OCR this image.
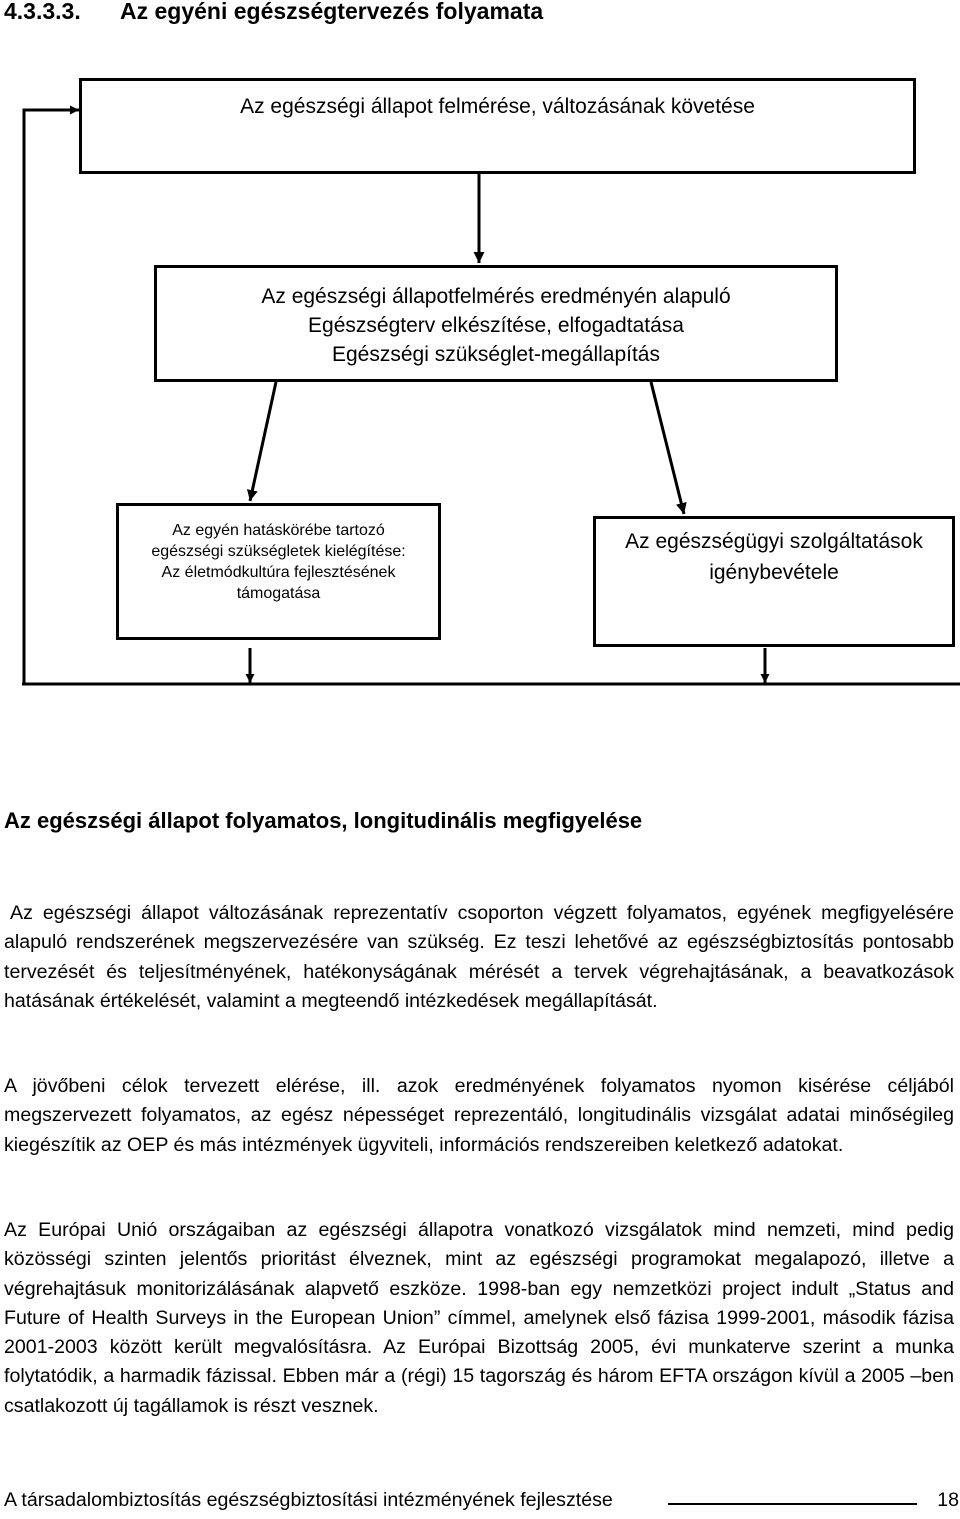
4.3.3.3. Az egyéni egészségtervezés folyamata
Az egészségi állapot felmérése, változásának követése
Az egészségi állapotfelmérés eredményén alapuló
Egészségterv elkészítése, elfogadtatása
Egészségi szükséglet-megállapítás
Az egyén hatáskörébe tartozó
egészségi szükségletek kielégítése:
Az életmódkultúra fejlesztésének
támogatása
Az egészségügyi szolgáltatások
igénybevétele
Az egészségi állapot folyamatos, longitudinális megfigyelése

Az egészségi állapot változásának reprezentatív csoporton végzett folyamatos, egyének megfigyelésére alapuló rendszerének megszervezésére van szükség. Ez teszi lehetővé az egészségbiztosítás pontosabb tervezését és teljesítményének, hatékonyságának mérését a tervek végrehajtásának, a beavatkozások hatásának értékelését, valamint a megteendő intézkedések megállapítását.

A jövőbeni célok tervezett elérése, ill. azok eredményének folyamatos nyomon kisérése céljából megszervezett folyamatos, az egész népességet reprezentáló, longitudinális vizsgálat adatai minőségileg kiegészítik az OEP és más intézmények ügyviteli, információs rendszereiben keletkező adatokat.

Az Európai Unió országaiban az egészségi állapotra vonatkozó vizsgálatok mind nemzeti, mind pedig közösségi szinten jelentős prioritást élveznek, mint az egészségi programokat megalapozó, illetve a végrehajtásuk monitorizálásának alapvető eszköze. 1998-ban egy nemzetközi project indult „Status and Future of Health Surveys in the European Union” címmel, amelynek első fázisa 1999-2001, második fázisa 2001-2003 között került megvalósításra. Az Európai Bizottság 2005, évi munkaterve szerint a munka folytatódik, a harmadik fázissal. Ebben már a (régi) 15 tagország és három EFTA országon kívül a 2005 –ben csatlakozott új tagállamok is részt vesznek.

A társadalombiztosítás egészségbiztosítási intézményének fejlesztése	18
